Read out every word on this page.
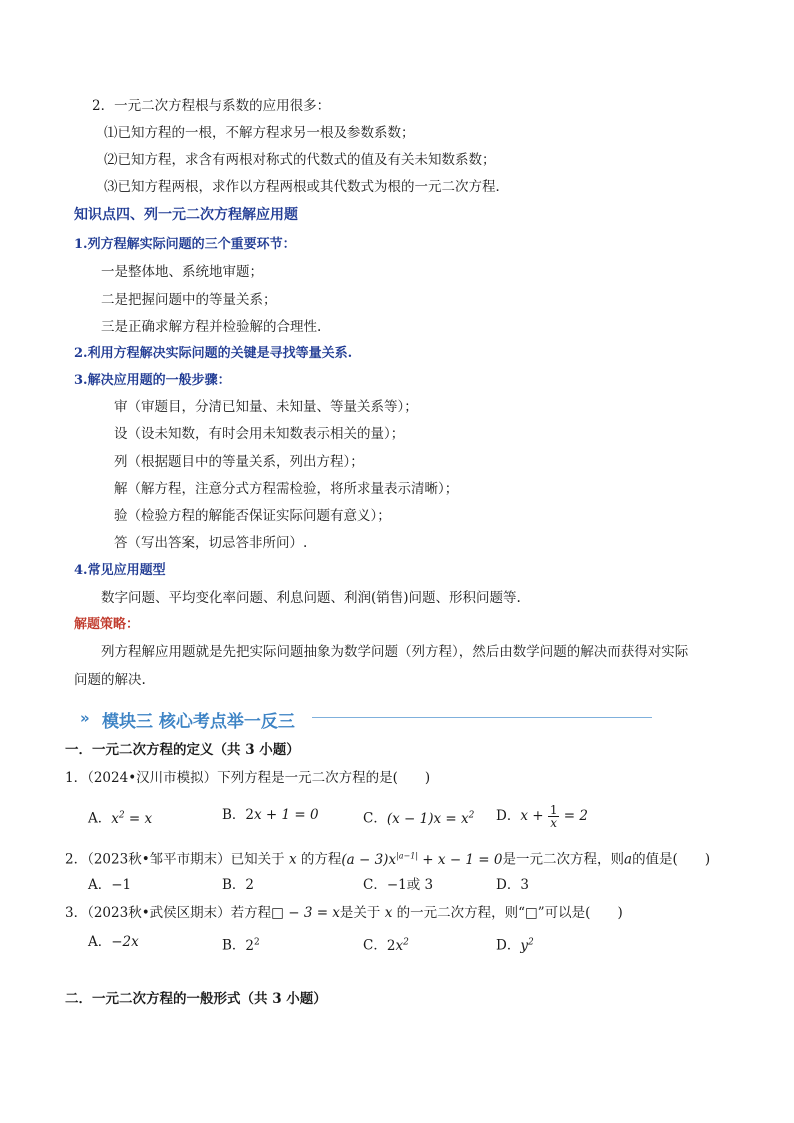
2．一元二次方程根与系数的应用很多：
⑴已知方程的一根，不解方程求另一根及参数系数；
⑵已知方程，求含有两根对称式的代数式的值及有关未知数系数；
⑶已知方程两根，求作以方程两根或其代数式为根的一元二次方程．
知识点四、列一元二次方程解应用题
1.列方程解实际问题的三个重要环节：
一是整体地、系统地审题；
二是把握问题中的等量关系；
三是正确求解方程并检验解的合理性.
2.利用方程解决实际问题的关键是寻找等量关系.
3.解决应用题的一般步骤：
审（审题目，分清已知量、未知量、等量关系等）；
设（设未知数，有时会用未知数表示相关的量）；
列（根据题目中的等量关系，列出方程）；
解（解方程，注意分式方程需检验，将所求量表示清晰）；
验（检验方程的解能否保证实际问题有意义）；
答（写出答案，切忌答非所问）.
4.常见应用题型
数字问题、平均变化率问题、利息问题、利润(销售)问题、形积问题等.
解题策略：
列方程解应用题就是先把实际问题抽象为数学问题（列方程），然后由数学问题的解决而获得对实际
问题的解决.
» 模块三 核心考点举一反三
一．一元二次方程的定义（共 3 小题）
1．（2024•汉川市模拟）下列方程是一元二次方程的是(　　)
A．$x^2 = x$	B．2x + 1 = 0	C．$(x - 1)x = x^2$ D．$x + \frac{1}{x} = 2$
2．（2023秋•邹平市期末）已知关于 x 的方程$(a - 3)x^{|a-1|} + x - 1 = 0$是一元二次方程，则a的值是(　　)
A．−1	B．2	C．−1或 3	D．3
3．（2023秋•武侯区期末）若方程□ − 3 = x是关于 x 的一元二次方程，则“□”可以是(　　)
A．−2x	B．$2^2$	C．$2x^2$	D．$y^2$
二．一元二次方程的一般形式（共 3 小题）
